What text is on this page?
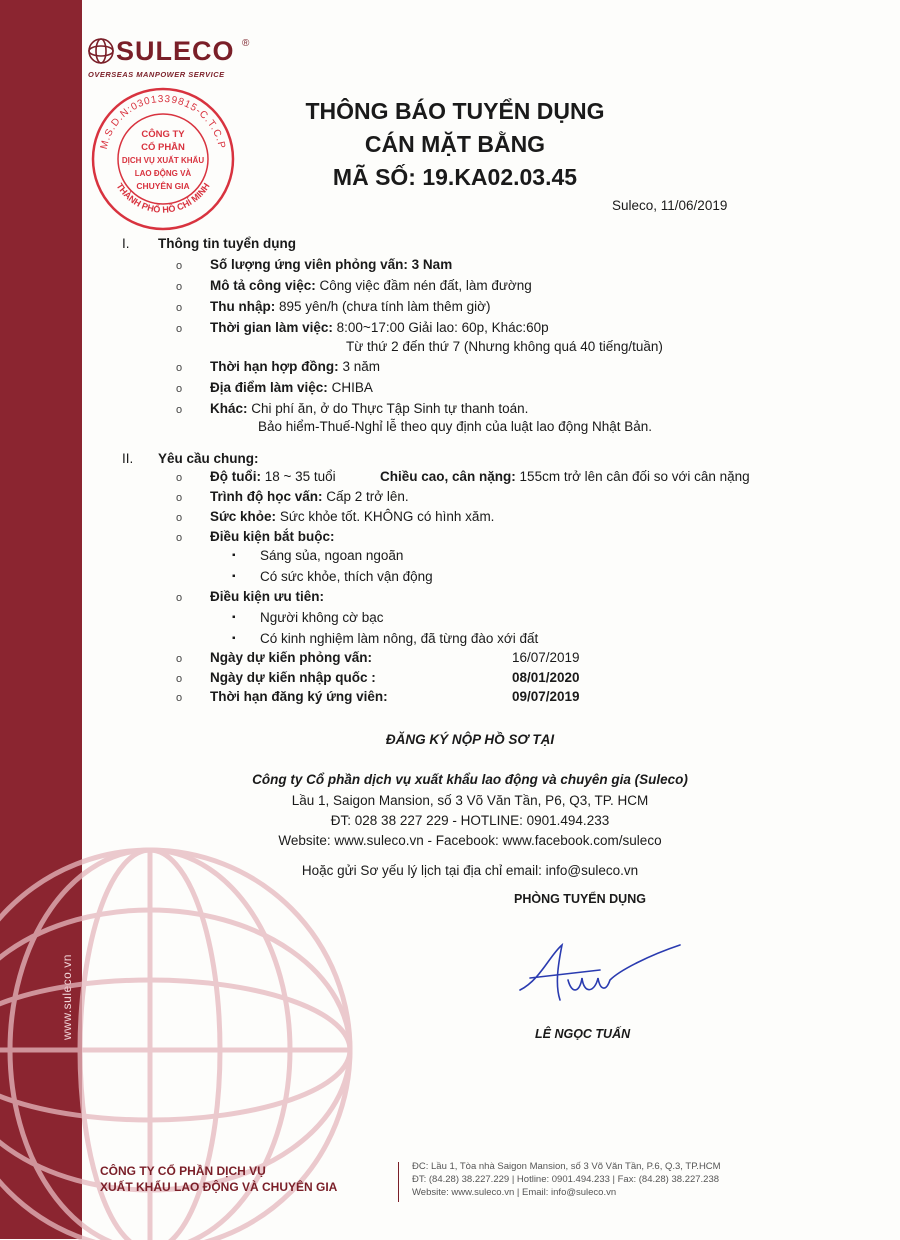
www.suleco.vn
SULECO ®
OVERSEAS MANPOWER SERVICE
M.S.D.N:0301339815-C.T.C.P
THÀNH PHỐ HỒ CHÍ MINH
CÔNG TY
CỔ PHẦN
DỊCH VỤ XUẤT KHẨU
LAO ĐỘNG VÀ
CHUYÊN GIA
THÔNG BÁO TUYỂN DỤNG
CÁN MẶT BẰNG
MÃ SỐ: 19.KA02.03.45
Suleco, 11/06/2019
I. Thông tin tuyển dụng
o Số lượng ứng viên phỏng vấn: 3 Nam
o Mô tả công việc: Công việc đầm nén đất, làm đường
o Thu nhập: 895 yên/h (chưa tính làm thêm giờ)
o Thời gian làm việc: 8:00~17:00 Giải lao: 60p, Khác:60p
Từ thứ 2 đến thứ 7 (Nhưng không quá 40 tiếng/tuần)
o Thời hạn hợp đồng: 3 năm
o Địa điểm làm việc: CHIBA
o Khác: Chi phí ăn, ở do Thực Tập Sinh tự thanh toán.
Bảo hiểm-Thuế-Nghỉ lễ theo quy định của luật lao động Nhật Bản.
II. Yêu cầu chung:
o Độ tuổi: 18 ~ 35 tuổi	Chiều cao, cân nặng: 155cm trở lên cân đối so với cân nặng
o Trình độ học vấn: Cấp 2 trở lên.
o Sức khỏe: Sức khỏe tốt. KHÔNG có hình xăm.
o Điều kiện bắt buộc:
▪ Sáng sủa, ngoan ngoãn
▪ Có sức khỏe, thích vận động
o Điều kiện ưu tiên:
▪ Người không cờ bạc
▪ Có kinh nghiệm làm nông, đã từng đào xới đất
o Ngày dự kiến phỏng vấn:	16/07/2019
o Ngày dự kiến nhập quốc :	08/01/2020
o Thời hạn đăng ký ứng viên:	09/07/2019
ĐĂNG KÝ NỘP HỒ SƠ TẠI
Công ty Cổ phần dịch vụ xuất khẩu lao động và chuyên gia (Suleco)
Lầu 1, Saigon Mansion, số 3 Võ Văn Tần, P6, Q3, TP. HCM
ĐT: 028 38 227 229 - HOTLINE: 0901.494.233
Website: www.suleco.vn - Facebook: www.facebook.com/suleco
Hoặc gửi Sơ yếu lý lịch tại địa chỉ email: info@suleco.vn
PHÒNG TUYỂN DỤNG
LÊ NGỌC TUẤN
CÔNG TY CỔ PHẦN DỊCH VỤ
XUẤT KHẨU LAO ĐỘNG VÀ CHUYÊN GIA
ĐC: Lầu 1, Tòa nhà Saigon Mansion, số 3 Võ Văn Tần, P.6, Q.3, TP.HCM
ĐT: (84.28) 38.227.229 | Hotline: 0901.494.233 | Fax: (84.28) 38.227.238
Website: www.suleco.vn | Email: info@suleco.vn
